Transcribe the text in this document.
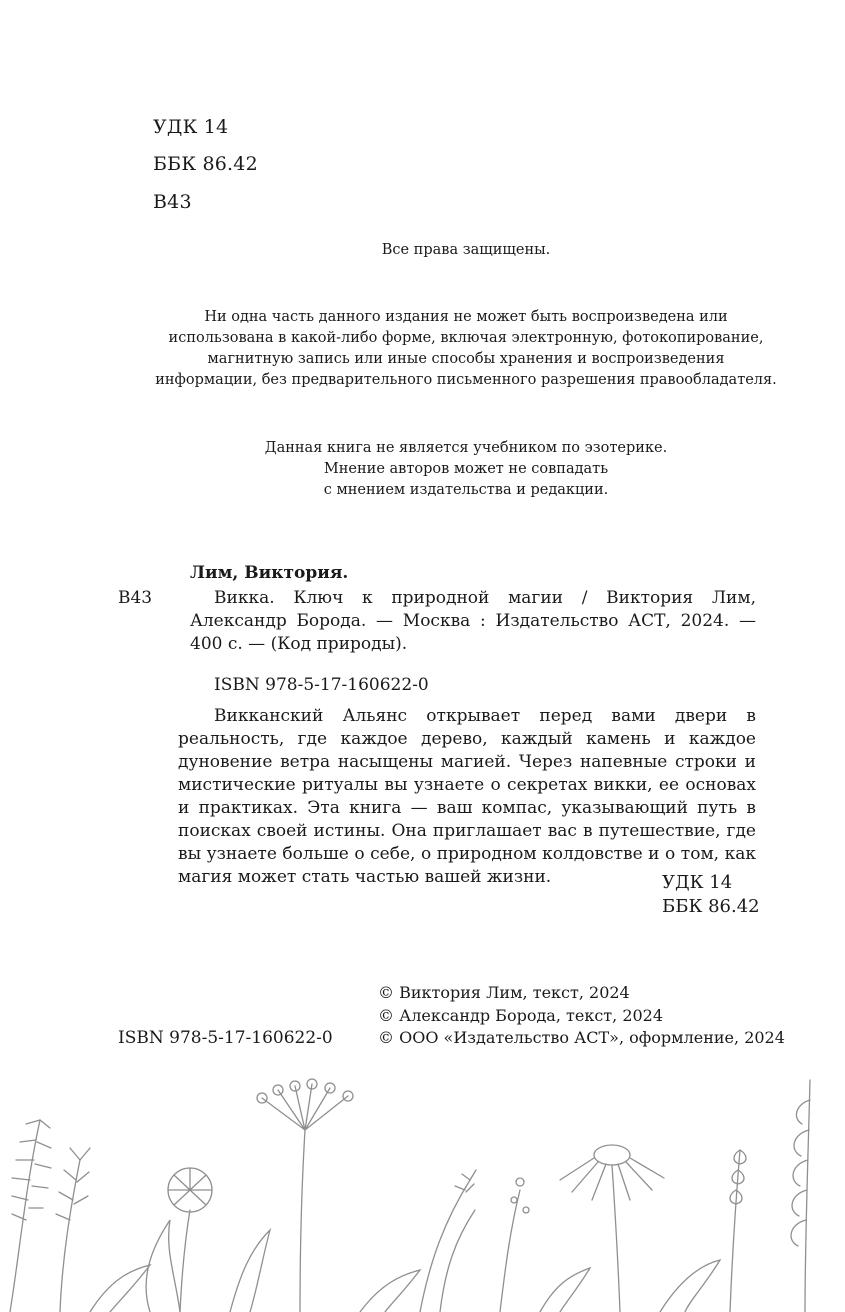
УДК 14
ББК 86.42
В43
Все права защищены.
Ни одна часть данного издания не может быть воспроизведена или
использована в какой-либо форме, включая электронную, фотокопирование,
магнитную запись или иные способы хранения и воспроизведения
информации, без предварительного письменного разрешения правообладателя.
Данная книга не является учебником по эзотерике.
Мнение авторов может не совпадать
с мнением издательства и редакции.
Лим, Виктория.
В43	Викка. Ключ к природной магии / Виктория Лим, Александр Борода. — Москва : Издательство АСТ, 2024. — 400 с. — (Код природы).
ISBN 978-5-17-160622-0
Викканский Альянс открывает перед вами двери в реальность, где каждое дерево, каждый камень и каждое дуновение ветра насыщены магией. Через напевные строки и мистические ритуалы вы узнаете о секретах викки, ее основах и практиках. Эта книга — ваш компас, указывающий путь в поисках своей истины. Она приглашает вас в путешествие, где вы узнаете больше о себе, о природном колдовстве и о том, как магия может стать частью вашей жизни.	УДК 14
ББК 86.42
ISBN 978-5-17-160622-0
© Виктория Лим, текст, 2024
© Александр Борода, текст, 2024
© ООО «Издательство АСТ», оформление, 2024
